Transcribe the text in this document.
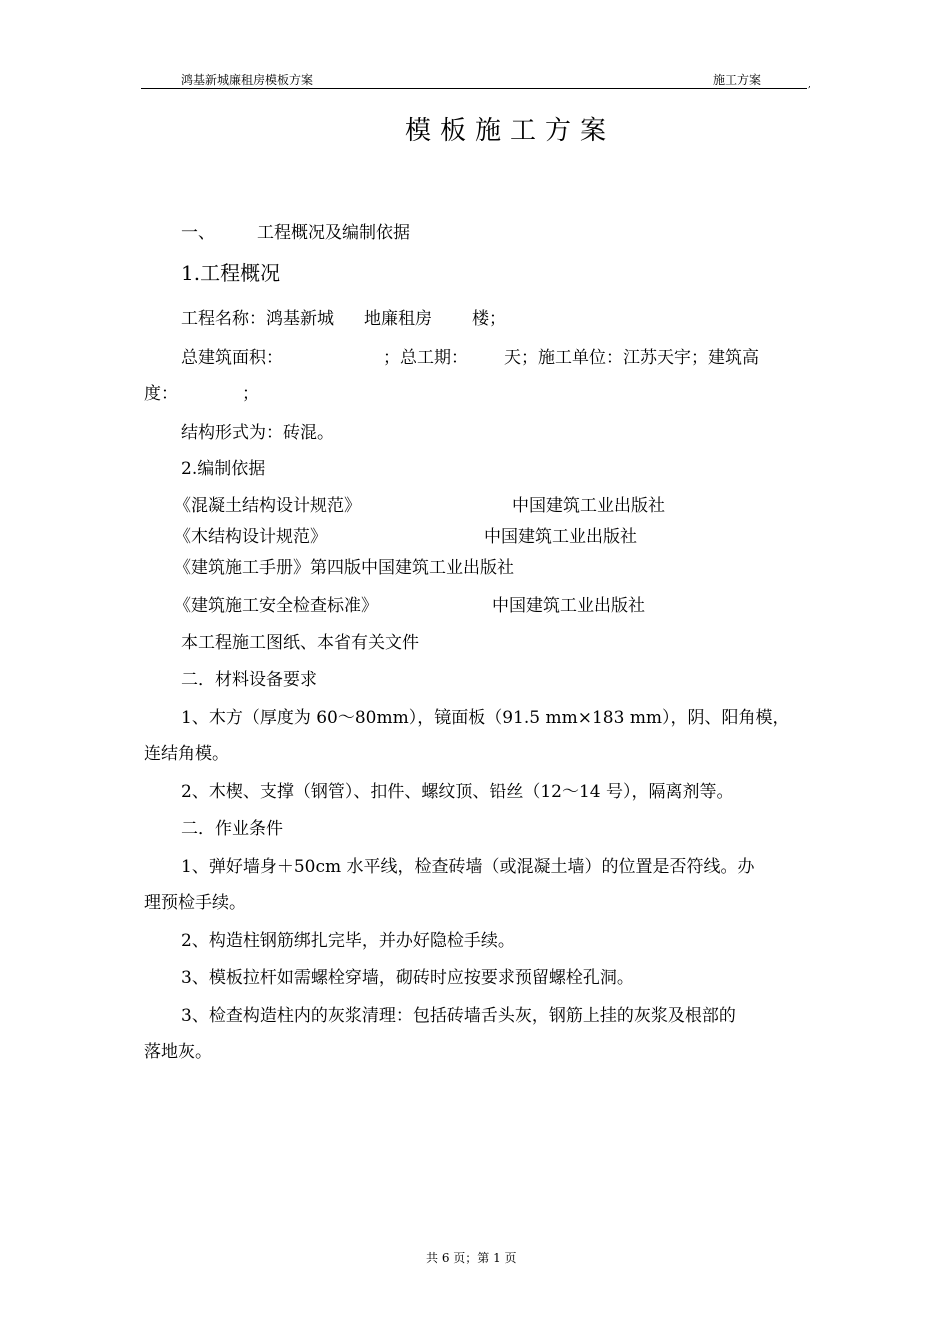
鸿基新城廉租房模板方案	施工方案	,
模板施工方案
一、 工程概况及编制依据
1.工程概况
工程名称：鸿基新城 地廉租房 楼；
总建筑面积：	；总工期： 天；施工单位：江苏天宇；建筑高
度：	；
结构形式为：砖混。
2.编制依据
《混凝土结构设计规范》	中国建筑工业出版社
《木结构设计规范》	中国建筑工业出版社
《建筑施工手册》第四版中国建筑工业出版社
《建筑施工安全检查标准》	中国建筑工业出版社
本工程施工图纸、本省有关文件
二．材料设备要求
1、木方（厚度为 60～80mm），镜面板（91.5 mm×183 mm），阴、阳角模，
连结角模。
2、木楔、支撑（钢管）、扣件、螺纹顶、铅丝（12～14 号），隔离剂等。
二．作业条件
1、弹好墙身＋50cm 水平线，检查砖墙（或混凝土墙）的位置是否符线。办
理预检手续。
2、构造柱钢筋绑扎完毕，并办好隐检手续。
3、模板拉杆如需螺栓穿墙，砌砖时应按要求预留螺栓孔洞。
3、检查构造柱内的灰浆清理：包括砖墙舌头灰，钢筋上挂的灰浆及根部的
落地灰。
共 6 页；第 1 页
